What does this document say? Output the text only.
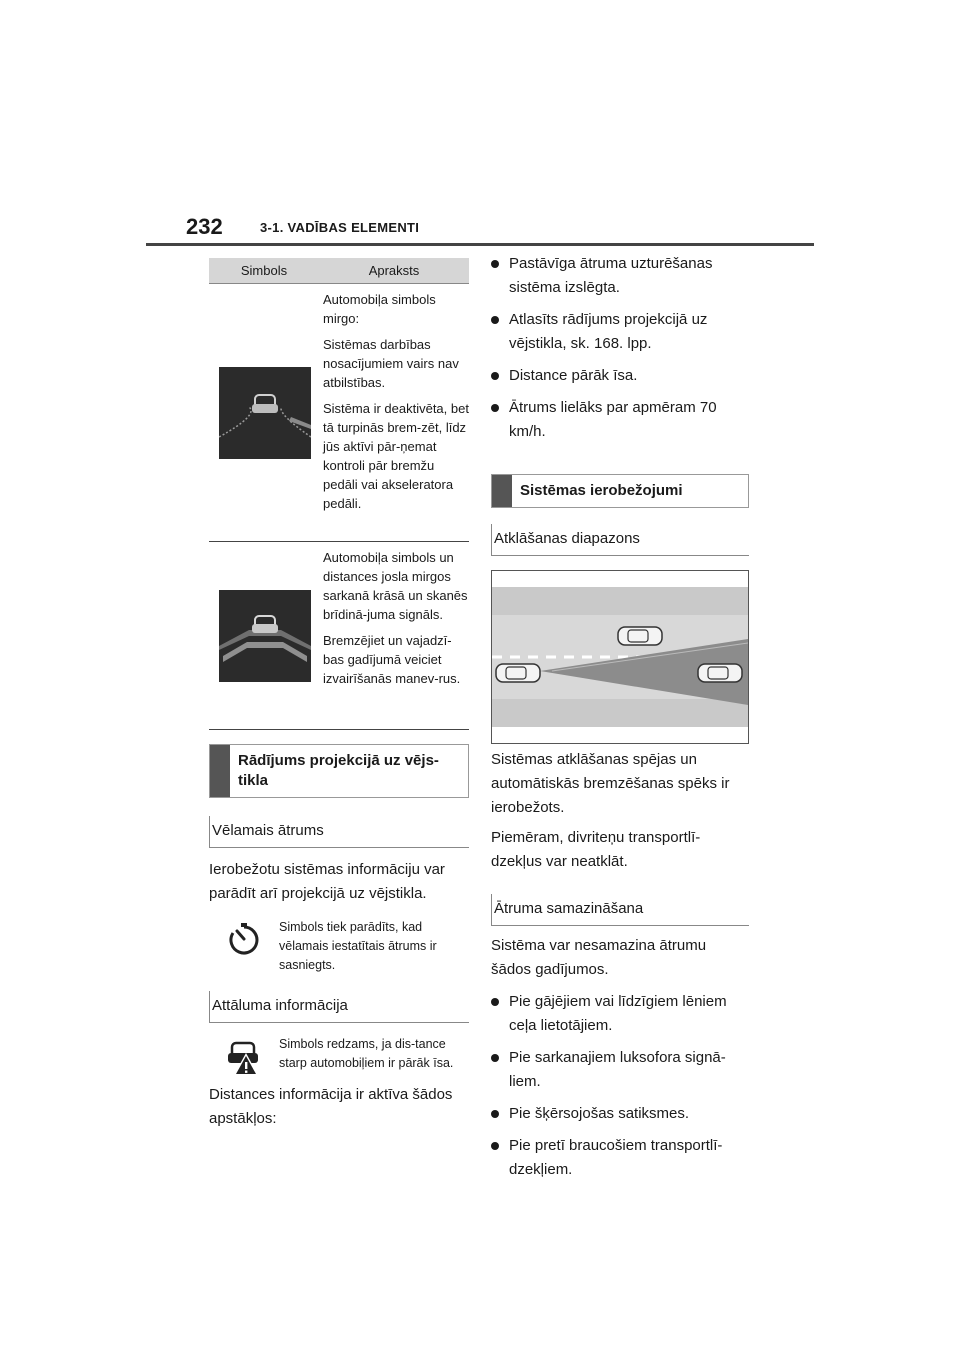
232	3-1. VADĪBAS ELEMENTI
Simbols	Apraksts

Automobiļa simbols mirgo:

Sistēmas darbības nosacījumiem vairs nav atbilstības.

Sistēma ir deaktivēta, bet tā turpinās brem-zēt, līdz jūs aktīvi pār-ņemat kontroli pār bremžu pedāli vai akseleratora pedāli.

Automobiļa simbols un distances josla mirgos sarkanā krāsā un skanēs brīdinā-juma signāls.

Bremzējiet un vajadzī-bas gadījumā veiciet izvairīšanās manev-rus.

Rādījums projekcijā uz vējs-tikla
Vēlamais ātrums
Ierobežotu sistēmas informāciju var parādīt arī projekcijā uz vējstikla.
Simbols tiek parādīts, kad vēlamais iestatītais ātrums ir sasniegts.
Attāluma informācija
Simbols redzams, ja dis-tance starp automobiļiem ir pārāk īsa.
Distances informācija ir aktīva šādos apstākļos:
Pastāvīga ātruma uzturēšanas sistēma izslēgta.
Atlasīts rādījums projekcijā uz vējstikla, sk. 168. lpp.
Distance pārāk īsa.
Ātrums lielāks par apmēram 70 km/h.
Sistēmas ierobežojumi
Atklāšanas diapazons
Sistēmas atklāšanas spējas un automātiskās bremzēšanas spēks ir ierobežots.
Piemēram, divriteņu transportlī-dzekļus var neatklāt.
Ātruma samazināšana
Sistēma var nesamazina ātrumu šādos gadījumos.
Pie gājējiem vai līdzīgiem lēniem ceļa lietotājiem.
Pie sarkanajiem luksofora signā-liem.
Pie šķērsojošas satiksmes.
Pie pretī braucošiem transportlī-dzekļiem.
